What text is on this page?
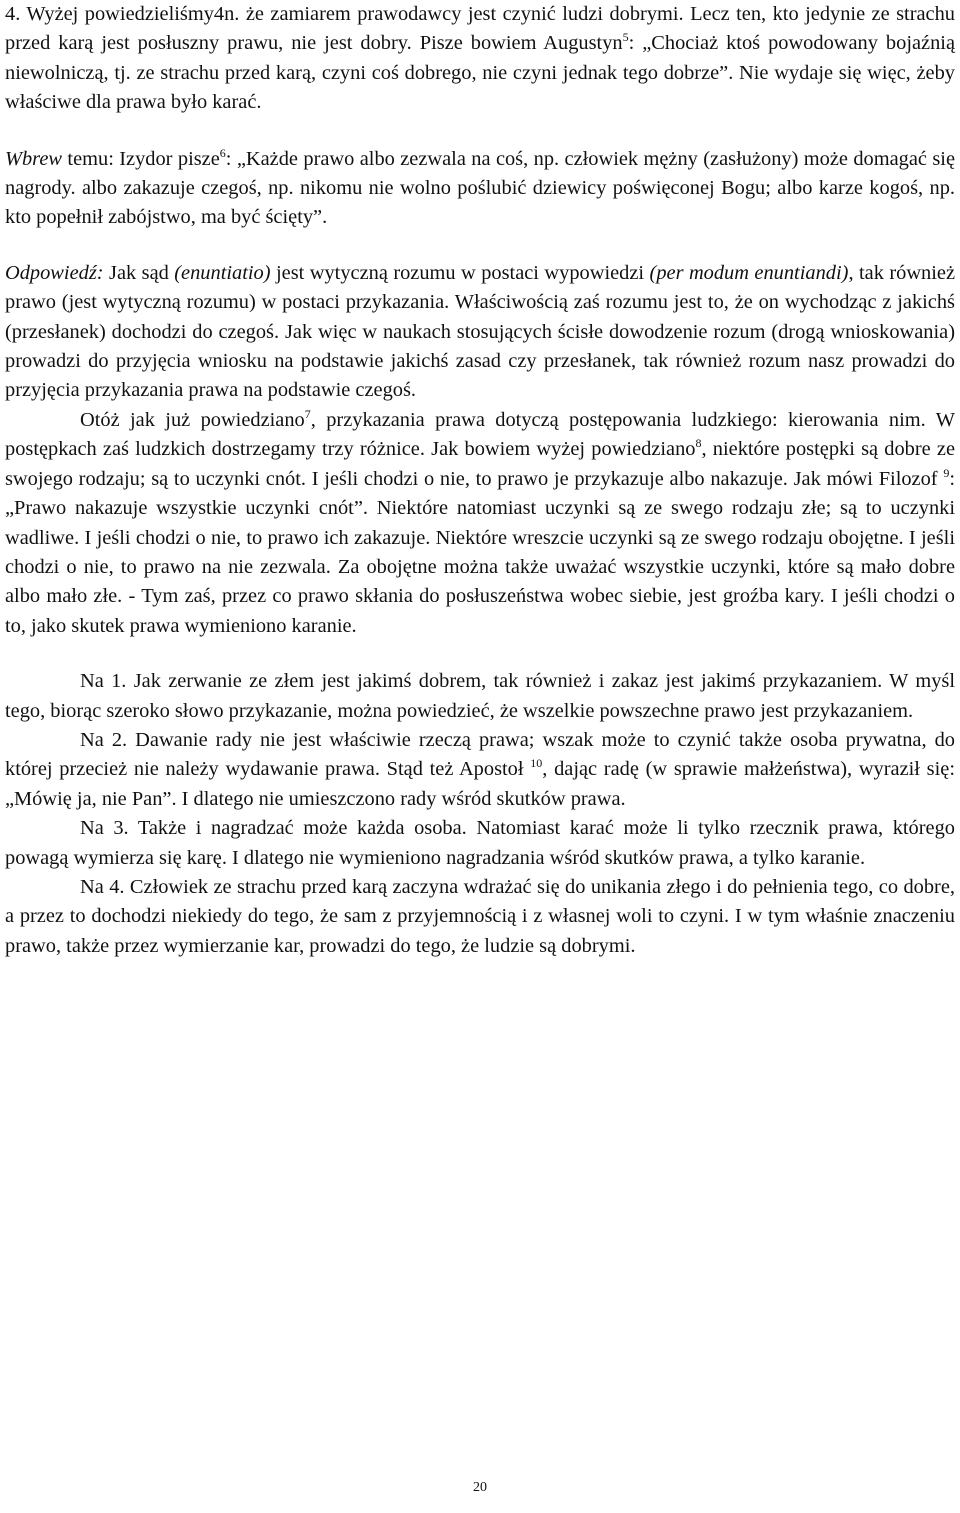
4. Wyżej powiedzieliśmy4n. że zamiarem prawodawcy jest czynić ludzi dobrymi. Lecz ten, kto jedynie ze strachu przed karą jest posłuszny prawu, nie jest dobry. Pisze bowiem Augustyn$^5$: „Chociaż ktoś powodowany bojaźnią niewolniczą, tj. ze strachu przed karą, czyni coś dobrego, nie czyni jednak tego dobrze”. Nie wydaje się więc, żeby właściwe dla prawa było karać.

Wbrew temu: Izydor pisze$^6$: „Każde prawo albo zezwala na coś, np. człowiek mężny (zasłużony) może domagać się nagrody. albo zakazuje czegoś, np. nikomu nie wolno poślubić dziewicy poświęconej Bogu; albo karze kogoś, np. kto popełnił zabójstwo, ma być ścięty”.

Odpowiedź: Jak sąd (enuntiatio) jest wytyczną rozumu w postaci wypowiedzi (per modum enuntiandi), tak również prawo (jest wytyczną rozumu) w postaci przykazania. Właściwością zaś rozumu jest to, że on wychodząc z jakichś (przesłanek) dochodzi do czegoś. Jak więc w naukach stosujących ścisłe dowodzenie rozum (drogą wnioskowania) prowadzi do przyjęcia wniosku na podstawie jakichś zasad czy przesłanek, tak również rozum nasz prowadzi do przyjęcia przykazania prawa na podstawie czegoś.

Otóż jak już powiedziano$^7$, przykazania prawa dotyczą postępowania ludzkiego: kierowania nim. W postępkach zaś ludzkich dostrzegamy trzy różnice. Jak bowiem wyżej powiedziano$^8$, niektóre postępki są dobre ze swojego rodzaju; są to uczynki cnót. I jeśli chodzi o nie, to prawo je przykazuje albo nakazuje. Jak mówi Filozof $^9$: „Prawo nakazuje wszystkie uczynki cnót”. Niektóre natomiast uczynki są ze swego rodzaju złe; są to uczynki wadliwe. I jeśli chodzi o nie, to prawo ich zakazuje. Niektóre wreszcie uczynki są ze swego rodzaju obojętne. I jeśli chodzi o nie, to prawo na nie zezwala. Za obojętne można także uważać wszystkie uczynki, które są mało dobre albo mało złe. - Tym zaś, przez co prawo skłania do posłuszeństwa wobec siebie, jest groźba kary. I jeśli chodzi o to, jako skutek prawa wymieniono karanie.

Na 1. Jak zerwanie ze złem jest jakimś dobrem, tak również i zakaz jest jakimś przykazaniem. W myśl tego, biorąc szeroko słowo przykazanie, można powiedzieć, że wszelkie powszechne prawo jest przykazaniem.

Na 2. Dawanie rady nie jest właściwie rzeczą prawa; wszak może to czynić także osoba prywatna, do której przecież nie należy wydawanie prawa. Stąd też Apostoł $^{10}$, dając radę (w sprawie małżeństwa), wyraził się: „Mówię ja, nie Pan”. I dlatego nie umieszczono rady wśród skutków prawa.

Na 3. Także i nagradzać może każda osoba. Natomiast karać może li tylko rzecznik prawa, którego powagą wymierza się karę. I dlatego nie wymieniono nagradzania wśród skutków prawa, a tylko karanie.

Na 4. Człowiek ze strachu przed karą zaczyna wdrażać się do unikania złego i do pełnienia tego, co dobre, a przez to dochodzi niekiedy do tego, że sam z przyjemnością i z własnej woli to czyni. I w tym właśnie znaczeniu prawo, także przez wymierzanie kar, prowadzi do tego, że ludzie są dobrymi.

20
